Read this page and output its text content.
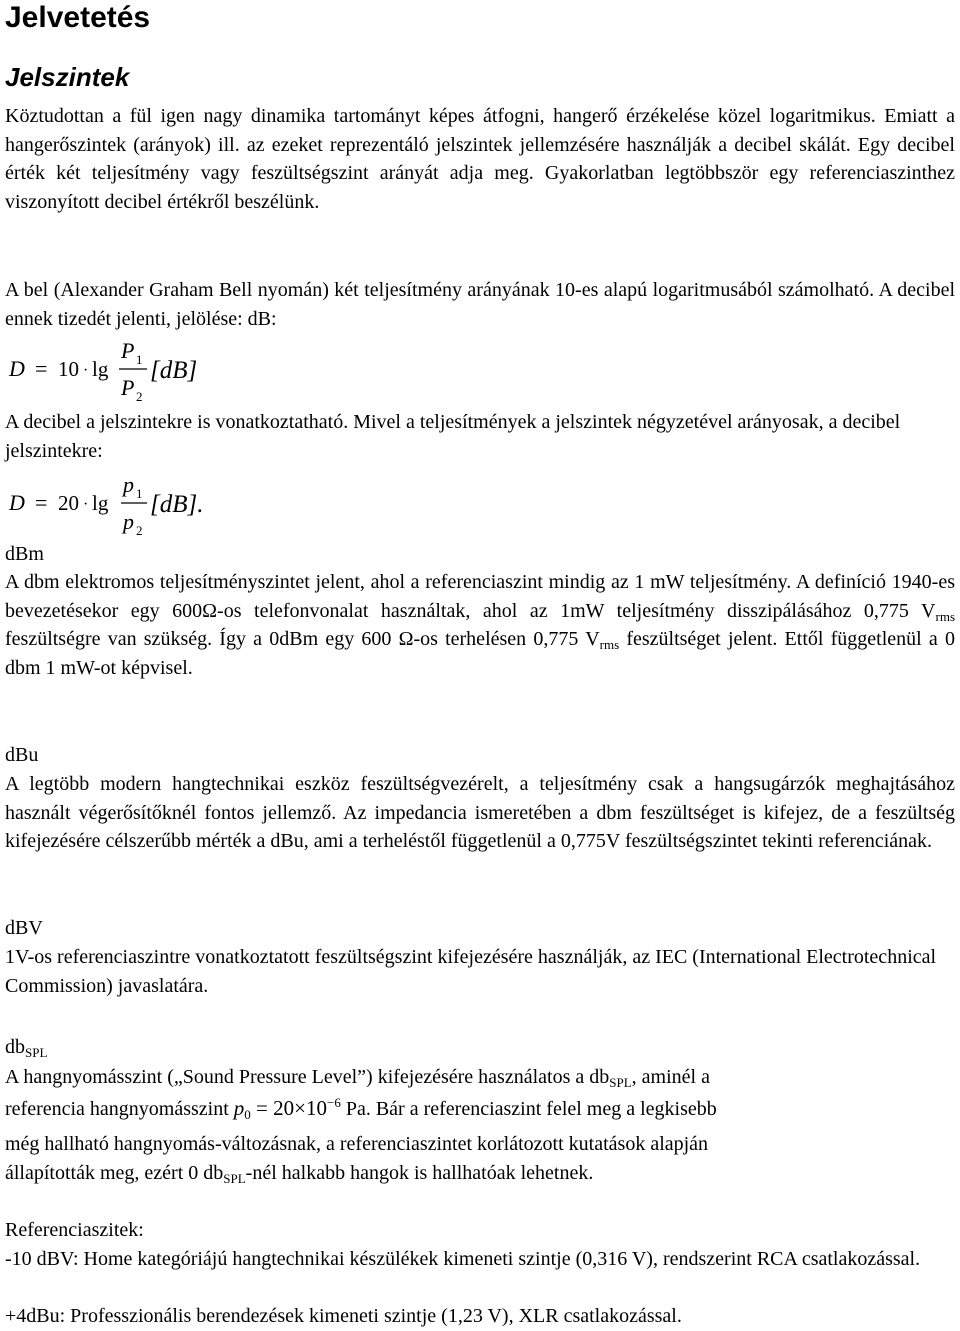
Jelvetetés
Jelszintek

Köztudottan a fül igen nagy dinamika tartományt képes átfogni, hangerő érzékelése közel logaritmikus. Emiatt a hangerőszintek (arányok) ill. az ezeket reprezentáló jelszintek jellemzésére használják a decibel skálát. Egy decibel érték két teljesítmény vagy feszültségszint arányát adja meg. Gyakorlatban legtöbbször egy referenciaszinthez viszonyított decibel értékről beszélünk.

A bel (Alexander Graham Bell nyomán) két teljesítmény arányának 10-es alapú logaritmusából számolható. A decibel ennek tizedét jelenti, jelölése: dB:

D = 10 · lg
P 1
P 2
[dB]

A decibel a jelszintekre is vonatkoztatható. Mivel a teljesítmények a jelszintek négyzetével arányosak, a decibel jelszintekre:

D = 20 · lg
p 1
p 2
[dB].
dBm

A dbm elektromos teljesítményszintet jelent, ahol a referenciaszint mindig az 1 mW teljesítmény. A definíció 1940-es bevezetésekor egy 600Ω-os telefonvonalat használtak, ahol az 1mW teljesítmény disszipálásához 0,775 $V_{rms}$ feszültségre van szükség. Így a 0dBm egy 600 Ω-os terhelésen 0,775 $V_{rms}$ feszültséget jelent. Ettől függetlenül a 0 dbm 1 mW-ot képvisel.

dBu

A legtöbb modern hangtechnikai eszköz feszültségvezérelt, a teljesítmény csak a hangsugárzók meghajtásához használt végerősítőknél fontos jellemző. Az impedancia ismeretében a dbm feszültséget is kifejez, de a feszültség kifejezésére célszerűbb mérték a dBu, ami a terheléstől függetlenül a 0,775V feszültségszintet tekinti referenciának.

dBV

1V-os referenciaszintre vonatkoztatott feszültségszint kifejezésére használják, az IEC (International Electrotechnical Commission) javaslatára.

$db_{SPL}$
A hangnyomásszint („Sound Pressure Level”) kifejezésére használatos a $db_{SPL}$, aminél a
referencia hangnyomásszint $p_0 = 20\times 10^{-6}$ Pa. Bár a referenciaszint felel meg a legkisebb
még hallható hangnyomás-változásnak, a referenciaszintet korlátozott kutatások alapján
állapították meg, ezért 0 $db_{SPL}$-nél halkabb hangok is hallhatóak lehetnek.
Referenciaszitek:

-10 dBV: Home kategóriájú hangtechnikai készülékek kimeneti szintje (0,316 V), rendszerint RCA csatlakozással.

+4dBu: Professzionális berendezések kimeneti szintje (1,23 V), XLR csatlakozással.
